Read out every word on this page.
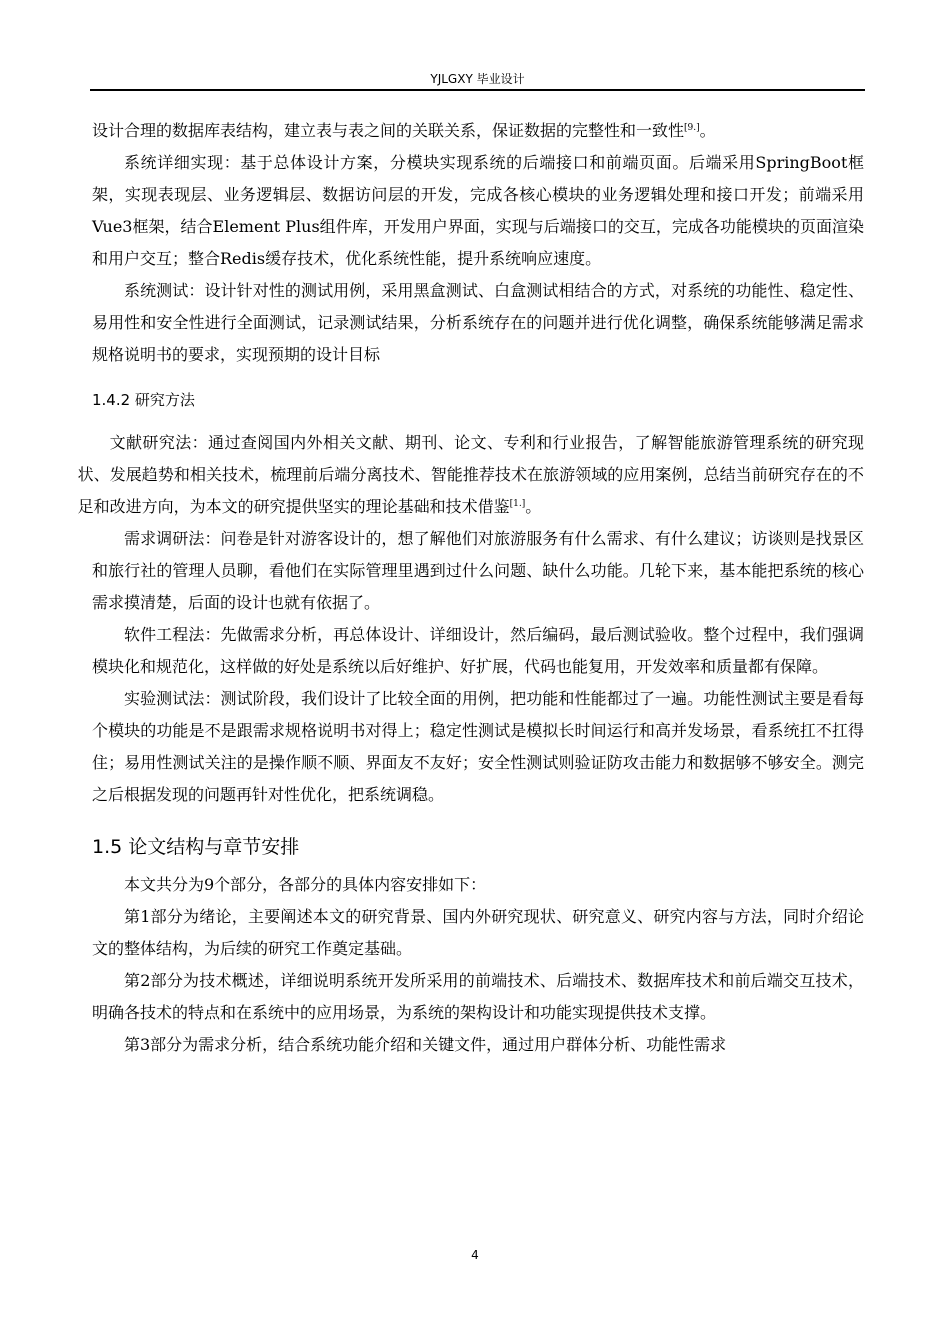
YJLGXY 毕业设计

设计合理的数据库表结构，建立表与表之间的关联关系，保证数据的完整性和一致性[9.]。

系统详细实现：基于总体设计方案，分模块实现系统的后端接口和前端页面。后端采用SpringBoot框架，实现表现层、业务逻辑层、数据访问层的开发，完成各核心模块的业务逻辑处理和接口开发；前端采用Vue3框架，结合Element Plus组件库，开发用户界面，实现与后端接口的交互，完成各功能模块的页面渲染和用户交互；整合Redis缓存技术，优化系统性能，提升系统响应速度。

系统测试：设计针对性的测试用例，采用黑盒测试、白盒测试相结合的方式，对系统的功能性、稳定性、易用性和安全性进行全面测试，记录测试结果，分析系统存在的问题并进行优化调整，确保系统能够满足需求规格说明书的要求，实现预期的设计目标

1.4.2 研究方法

文献研究法：通过查阅国内外相关文献、期刊、论文、专利和行业报告，了解智能旅游管理系统的研究现状、发展趋势和相关技术，梳理前后端分离技术、智能推荐技术在旅游领域的应用案例，总结当前研究存在的不足和改进方向，为本文的研究提供坚实的理论基础和技术借鉴[1.]。

需求调研法：问卷是针对游客设计的，想了解他们对旅游服务有什么需求、有什么建议；访谈则是找景区和旅行社的管理人员聊，看他们在实际管理里遇到过什么问题、缺什么功能。几轮下来，基本能把系统的核心需求摸清楚，后面的设计也就有依据了。

软件工程法：先做需求分析，再总体设计、详细设计，然后编码，最后测试验收。整个过程中，我们强调模块化和规范化，这样做的好处是系统以后好维护、好扩展，代码也能复用，开发效率和质量都有保障。

实验测试法：测试阶段，我们设计了比较全面的用例，把功能和性能都过了一遍。功能性测试主要是看每个模块的功能是不是跟需求规格说明书对得上；稳定性测试是模拟长时间运行和高并发场景，看系统扛不扛得住；易用性测试关注的是操作顺不顺、界面友不友好；安全性测试则验证防攻击能力和数据够不够安全。测完之后根据发现的问题再针对性优化，把系统调稳。

1.5 论文结构与章节安排

本文共分为9个部分，各部分的具体内容安排如下：

第1部分为绪论，主要阐述本文的研究背景、国内外研究现状、研究意义、研究内容与方法，同时介绍论文的整体结构，为后续的研究工作奠定基础。

第2部分为技术概述，详细说明系统开发所采用的前端技术、后端技术、数据库技术和前后端交互技术，明确各技术的特点和在系统中的应用场景，为系统的架构设计和功能实现提供技术支撑。

第3部分为需求分析，结合系统功能介绍和关键文件，通过用户群体分析、功能性需求

4
